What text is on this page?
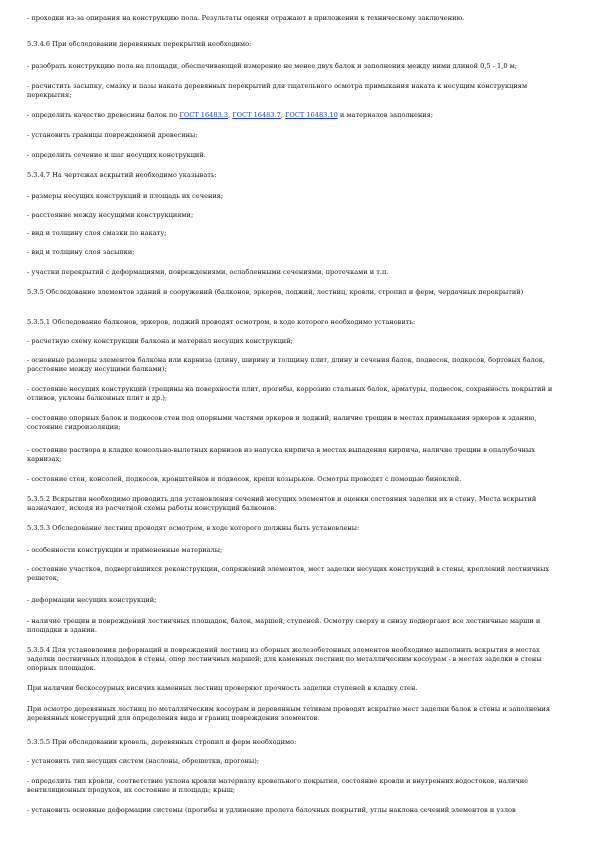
- проходки из-за опирания на конструкцию пола. Результаты оценки отражают в приложении к техническому заключению.

5.3.4.6 При обследовании деревянных перекрытий необходимо:

- разобрать конструкцию пола на площади, обеспечивающей измерение не менее двух балок и заполнения между ними длиной 0,5 - 1,0 м;

- расчистить засыпку, смазку и пазы наката деревянных перекрытий для тщательного осмотра примыкания наката к несущим конструкциям перекрытия;

- определить качество древесины балок по ГОСТ 16483.3, ГОСТ 16483.7, ГОСТ 16483.10 и материалов заполнения;

- установить границы поврежденной древесины;

- определить сечение и шаг несущих конструкций.

5.3.4.7 На чертежах вскрытий необходимо указывать:

- размеры несущих конструкций и площадь их сечения;

- расстояние между несущими конструкциями;

- вид и толщину слоя смазки по накату;

- вид и толщину слоя засыпки;

- участки перекрытий с деформациями, повреждениями, ослабленными сечениями, протечками и т.п.

5.3.5 Обследование элементов зданий и сооружений (балконов, эркеров, лоджий, лестниц, кровли, стропил и ферм, чердачных перекрытий)

5.3.5.1 Обследование балконов, эркеров, лоджий проводят осмотром, в ходе которого необходимо установить:

- расчетную схему конструкции балкона и материал несущих конструкций;

- основные размеры элементов балкона или карниза (длину, ширину и толщину плит, длину и сечения балок, подвесок, подкосов, бортовых балок, расстояние между несущими балками);

- состояние несущих конструкций (трещины на поверхности плит, прогибы, коррозию стальных балок, арматуры, подвесок, сохранность покрытий и отливов, уклоны балконных плит и др.);

- состояние опорных балок и подкосов стен под опорными частями эркеров и лоджий, наличие трещин в местах примыкания эркеров к зданию, состояние гидроизоляции;

- состояние раствора в кладке консольно-вылетных карнизов из напуска кирпича в местах выпадения кирпича, наличие трещин в опалубочных карнизах;

- состояние стен, консолей, подкосов, кронштейнов и подвесок, крепи козырьков. Осмотры проводят с помощью биноклей.

5.3.5.2 Вскрытия необходимо проводить для установления сечений несущих элементов и оценки состояния заделки их в стену. Места вскрытий назначают, исходя из расчетной схемы работы конструкций балконов.

5.3.5.3 Обследование лестниц проводят осмотром, в ходе которого должны быть установлены:

- особенности конструкции и примененные материалы;

- состояние участков, подвергавшихся реконструкции, сопряжений элементов, мест заделки несущих конструкций в стены, креплений лестничных решеток;

- деформации несущих конструкций;

- наличие трещин и повреждений лестничных площадок, балок, маршей, ступеней. Осмотру сверху и снизу подвергают все лестничные марши и площадки в здании.

5.3.5.4 Для установления деформаций и повреждений лестниц из сборных железобетонных элементов необходимо выполнить вскрытия в местах заделки лестничных площадок в стены, опор лестничных маршей; для каменных лестниц по металлическим косоурам - в местах заделки в стены опорных площадок.

При наличии бескосоурных висячих каменных лестниц проверяют прочность заделки ступеней в кладку стен.

При осмотре деревянных лестниц по металлическим косоурам и деревянным тетивам проводят вскрытие мест заделки балок в стены и заполнения деревянных конструкций для определения вида и границ повреждения элементов.

5.3.5.5 При обследовании кровель, деревянных стропил и ферм необходимо:

- установить тип несущих систем (наслоны, обрешетки, прогоны);

- определить тип кровли, соответствие уклона кровли материалу кровельного покрытия, состояние кровли и внутренних водостоков, наличие вентиляционных продухов, их состояние и площадь; крыш;

- установить основные деформации системы (прогибы и удлинение пролета балочных покрытий, углы наклона сечений элементов и узлов
